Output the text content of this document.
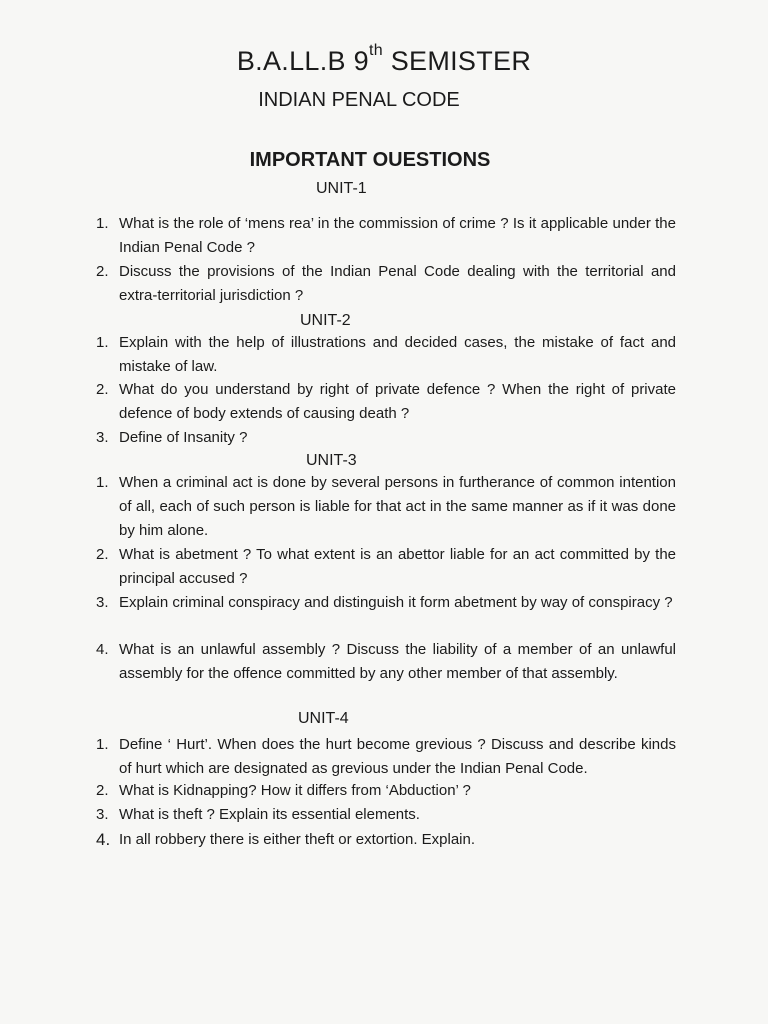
B.A.LL.B 9th SEMISTER
INDIAN PENAL CODE
IMPORTANT OUESTIONS
UNIT-1
1. What is the role of ‘mens rea’ in the commission of crime ? Is it applicable under the Indian Penal Code ?
2. Discuss the provisions of the Indian Penal Code dealing with the territorial and extra-territorial jurisdiction ?
UNIT-2
1. Explain with the help of illustrations and decided cases, the mistake of fact and mistake of law.
2. What do you understand by right of private defence ? When the right of private defence of body extends of causing death ?
3. Define of Insanity ?
UNIT-3
1. When a criminal act is done by several persons in furtherance of common intention of all, each of such person is liable for that act in the same manner as if it was done by him alone.
2. What is abetment ? To what extent is an abettor liable for an act committed by the principal accused ?
3. Explain criminal conspiracy and distinguish it form abetment by way of conspiracy ?
4. What is an unlawful assembly ? Discuss the liability of a member of an unlawful assembly for the offence committed by any other member of that assembly.
UNIT-4
1. Define ‘ Hurt’. When does the hurt become grevious ? Discuss and describe kinds of hurt which are designated as grevious under the Indian Penal Code.
2. What is Kidnapping? How it differs from ‘Abduction’ ?
3. What is theft ? Explain its essential elements.
4. In all robbery there is either theft or extortion. Explain.
